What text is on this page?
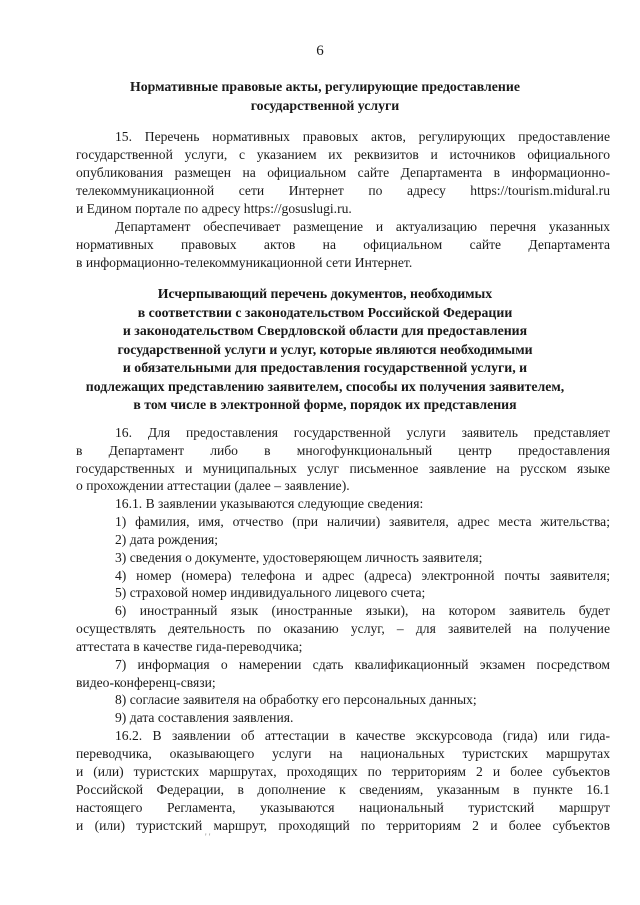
6
Нормативные правовые акты, регулирующие предоставление
государственной услуги
15. Перечень нормативных правовых актов, регулирующих предоставление
государственной услуги, с указанием их реквизитов и источников официального
опубликования размещен на официальном сайте Департамента в информационно-
телекоммуникационной сети Интернет по адресу https://tourism.midural.ru
и Едином портале по адресу https://gosuslugi.ru.
Департамент обеспечивает размещение и актуализацию перечня указанных
нормативных правовых актов на официальном сайте Департамента
в информационно-телекоммуникационной сети Интернет.
Исчерпывающий перечень документов, необходимых
в соответствии с законодательством Российской Федерации
и законодательством Свердловской области для предоставления
государственной услуги и услуг, которые являются необходимыми
и обязательными для предоставления государственной услуги, и
подлежащих представлению заявителем, способы их получения заявителем,
в том числе в электронной форме, порядок их представления
16. Для предоставления государственной услуги заявитель представляет
в Департамент либо в многофункциональный центр предоставления
государственных и муниципальных услуг письменное заявление на русском языке
о прохождении аттестации (далее – заявление).
16.1. В заявлении указываются следующие сведения:
1) фамилия, имя, отчество (при наличии) заявителя, адрес места жительства;
2) дата рождения;
3) сведения о документе, удостоверяющем личность заявителя;
4) номер (номера) телефона и адрес (адреса) электронной почты заявителя;
5) страховой номер индивидуального лицевого счета;
6) иностранный язык (иностранные языки), на котором заявитель будет
осуществлять деятельность по оказанию услуг, – для заявителей на получение
аттестата в качестве гида-переводчика;
7) информация о намерении сдать квалификационный экзамен посредством
видео-конференц-связи;
8) согласие заявителя на обработку его персональных данных;
9) дата составления заявления.
16.2. В заявлении об аттестации в качестве экскурсовода (гида) или гида-
переводчика, оказывающего услуги на национальных туристских маршрутах
и (или) туристских маршрутах, проходящих по территориям 2 и более субъектов
Российской Федерации, в дополнение к сведениям, указанным в пункте 16.1
настоящего Регламента, указываются национальный туристский маршрут
и (или) туристский маршрут, проходящий по территориям 2 и более субъектов
' '
